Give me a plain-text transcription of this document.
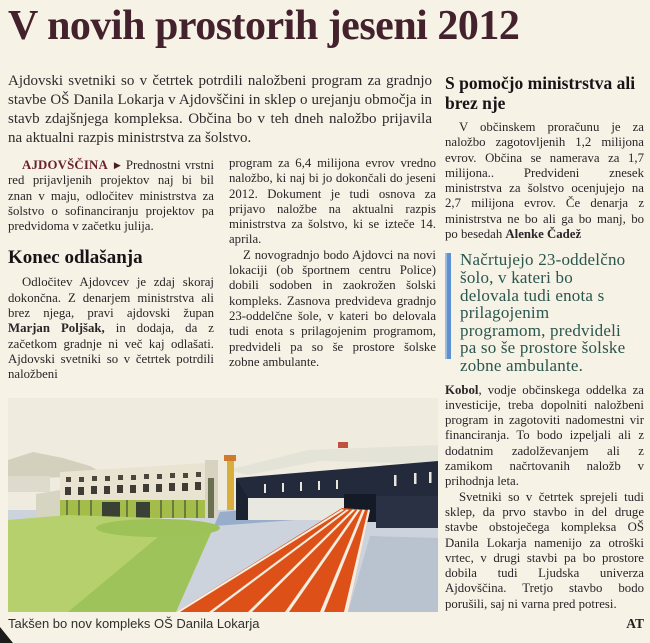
V novih prostorih jeseni 2012

Ajdovski svetniki so v četrtek potrdili naložbeni program za gradnjo stavbe OŠ Danila Lokarja v Ajdovščini in sklep o urejanju območja in stavb zdajšnjega kompleksa. Občina bo v teh dneh naložbo prijavila na aktualni razpis ministrstva za šolstvo.

AJDOVŠČINA ▶ Prednostni vrstni red prijavljenih projektov naj bi bil znan v maju, odločitev ministrstva za šolstvo o sofinanciranju projektov pa predvidoma v začetku julija.

Konec odlašanja

Odločitev Ajdovcev je zdaj skoraj dokončna. Z denarjem ministrstva ali brez njega, pravi ajdovski župan Marjan Poljšak, in dodaja, da z začetkom gradnje ni več kaj odlašati. Ajdovski svetniki so v četrtek potrdili naložbeni

program za 6,4 milijona evrov vredno naložbo, ki naj bi jo dokončali do jeseni 2012. Dokument je tudi osnova za prijavo naložbe na aktualni razpis ministrstva za šolstvo, ki se izteče 14. aprila.

Z novogradnjo bodo Ajdovci na novi lokaciji (ob športnem centru Police) dobili sodoben in zaokrožen šolski kompleks. Zasnova predvideva gradnjo 23-oddelčne šole, v kateri bo delovala tudi enota s prilagojenim programom, predvideli pa so še prostore šolske zobne ambulante.

S pomočjo ministrstva ali brez nje

V občinskem proračunu je za naložbo zagotovljenih 1,2 milijona evrov. Občina se namerava za 1,7 milijona.. Predvideni znesek ministrstva za šolstvo ocenjujejo na 2,7 milijona evrov. Če denarja z ministrstva ne bo ali ga bo manj, bo po besedah Alenke Čadež

Načrtujejo 23-oddelčno šolo, v kateri bo delovala tudi enota s prilagojenim programom, predvideli pa so še prostore šolske zobne ambulante.

Kobol, vodje občinskega oddelka za investicije, treba dopolniti naložbeni program in zagotoviti nadomestni vir financiranja. To bodo izpeljali ali z dodatnim zadolževanjem ali z zamikom načrtovanih naložb v prihodnja leta.

Svetniki so v četrtek sprejeli tudi sklep, da prvo stavbo in del druge stavbe obstoječega kompleksa OŠ Danila Lokarja namenijo za otroški vrtec, v drugi stavbi pa bo prostore dobila tudi Ljudska univerza Ajdovščina. Tretjo stavbo bodo porušili, saj ni varna pred potresi.

AT
Takšen bo nov kompleks OŠ Danila Lokarja
